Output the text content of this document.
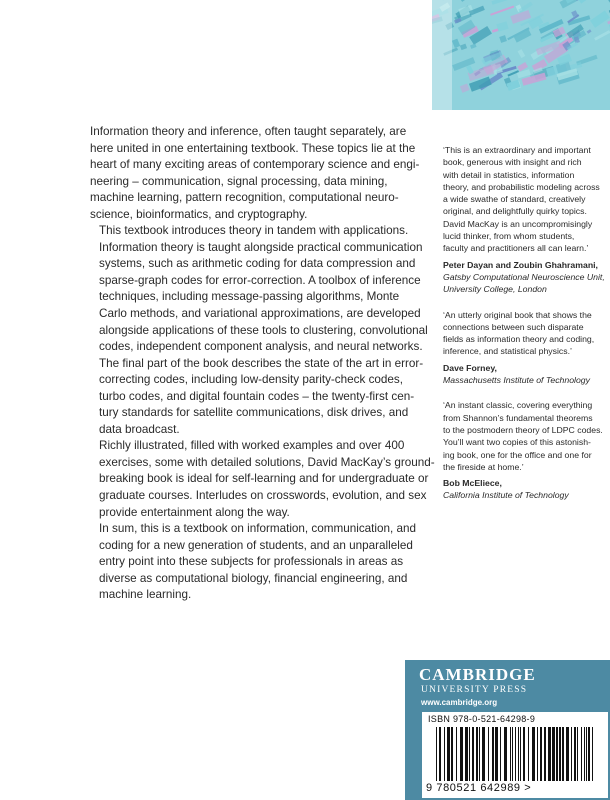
Information theory and inference, often taught separately, are
here united in one entertaining textbook. These topics lie at the
heart of many exciting areas of contemporary science and engi-
neering – communication, signal processing, data mining,
machine learning, pattern recognition, computational neuro-
science, bioinformatics, and cryptography.

This textbook introduces theory in tandem with applications.
Information theory is taught alongside practical communication
systems, such as arithmetic coding for data compression and
sparse-graph codes for error-correction. A toolbox of inference
techniques, including message-passing algorithms, Monte
Carlo methods, and variational approximations, are developed
alongside applications of these tools to clustering, convolutional
codes, independent component analysis, and neural networks.

The final part of the book describes the state of the art in error-
correcting codes, including low-density parity-check codes,
turbo codes, and digital fountain codes – the twenty-first cen-
tury standards for satellite communications, disk drives, and
data broadcast.

Richly illustrated, filled with worked examples and over 400
exercises, some with detailed solutions, David MacKay’s ground-
breaking book is ideal for self-learning and for undergraduate or
graduate courses. Interludes on crosswords, evolution, and sex
provide entertainment along the way.

In sum, this is a textbook on information, communication, and
coding for a new generation of students, and an unparalleled
entry point into these subjects for professionals in areas as
diverse as computational biology, financial engineering, and
machine learning.

‘This is an extraordinary and important
book, generous with insight and rich
with detail in statistics, information
theory, and probabilistic modeling across
a wide swathe of standard, creatively
original, and delightfully quirky topics.
David MacKay is an uncompromisingly
lucid thinker, from whom students,
faculty and practitioners all can learn.’
Peter Dayan and Zoubin Ghahramani,
Gatsby Computational Neuroscience Unit,
University College, London
‘An utterly original book that shows the
connections between such disparate
fields as information theory and coding,
inference, and statistical physics.’
Dave Forney,
Massachusetts Institute of Technology
‘An instant classic, covering everything
from Shannon’s fundamental theorems
to the postmodern theory of LDPC codes.
You’ll want two copies of this astonish-
ing book, one for the office and one for
the fireside at home.’
Bob McEliece,
California Institute of Technology
CAMBRIDGE
UNIVERSITY PRESS
www.cambridge.org
ISBN 978-0-521-64298-9
9 780521 642989 >
